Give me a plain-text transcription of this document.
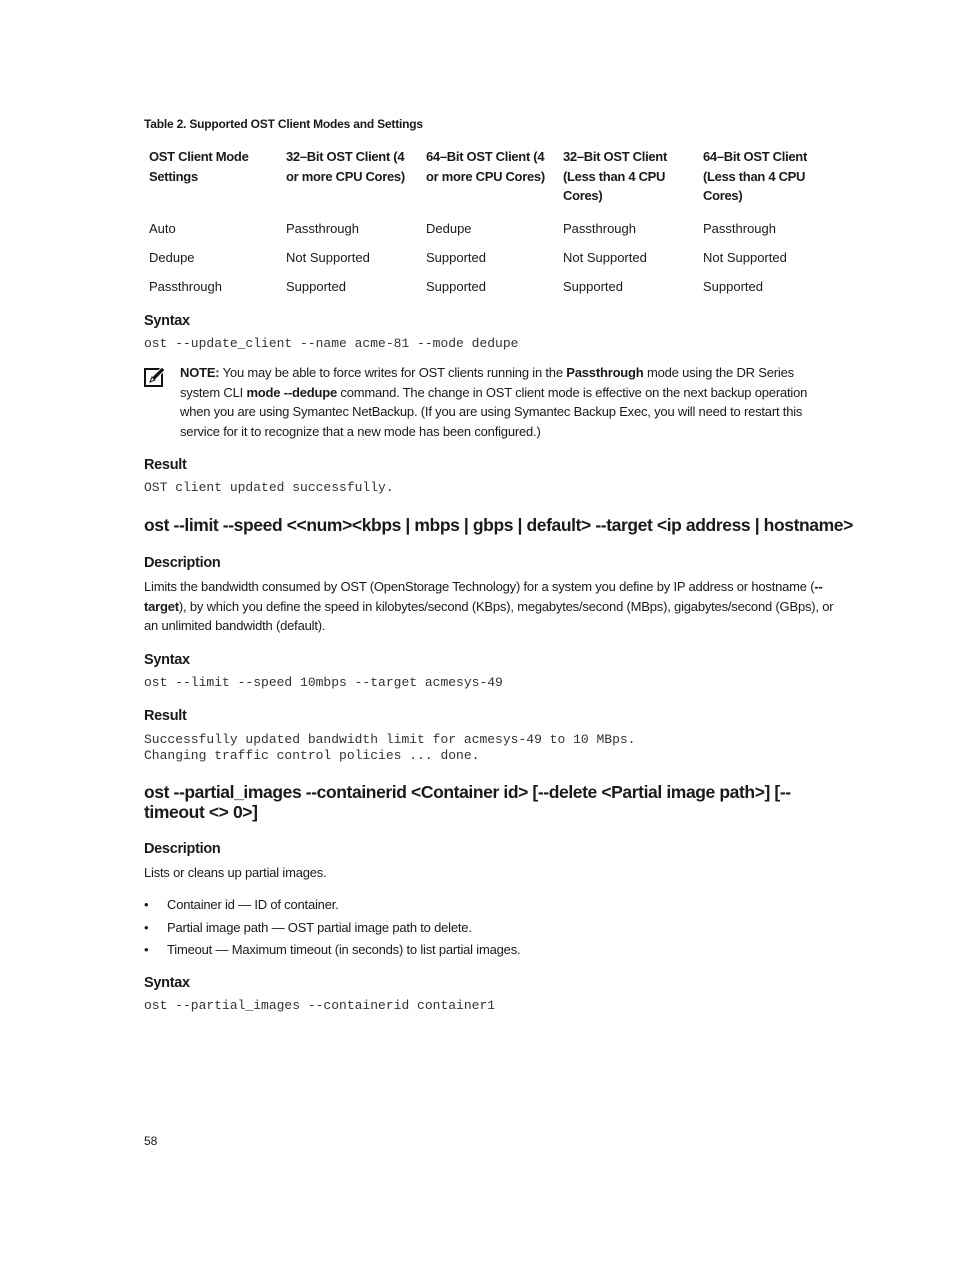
Table 2. Supported OST Client Modes and Settings
OST Client Mode Settings	32–Bit OST Client (4 or more CPU Cores)	64–Bit OST Client (4 or more CPU Cores)	32–Bit OST Client (Less than 4 CPU Cores)	64–Bit OST Client (Less than 4 CPU Cores)
Auto	Passthrough	Dedupe	Passthrough	Passthrough
Dedupe	Not Supported	Supported	Not Supported	Not Supported
Passthrough	Supported	Supported	Supported	Supported
Syntax
ost --update_client --name acme-81 --mode dedupe
NOTE: You may be able to force writes for OST clients running in the Passthrough mode using the DR Series system CLI mode --dedupe command. The change in OST client mode is effective on the next backup operation when you are using Symantec NetBackup. (If you are using Symantec Backup Exec, you will need to restart this service for it to recognize that a new mode has been configured.)
Result
OST client updated successfully.
ost --limit --speed <<num><kbps | mbps | gbps | default> --target <ip address | hostname>
Description
Limits the bandwidth consumed by OST (OpenStorage Technology) for a system you define by IP address or hostname (--target), by which you define the speed in kilobytes/second (KBps), megabytes/second (MBps), gigabytes/second (GBps), or an unlimited bandwidth (default).
Syntax
ost --limit --speed 10mbps --target acmesys-49
Result
Successfully updated bandwidth limit for acmesys-49 to 10 MBps.
Changing traffic control policies ... done.
ost --partial_images --containerid <Container id> [--delete <Partial image path>] [--
timeout <> 0>]
Description
Lists or cleans up partial images.
• Container id — ID of container.
• Partial image path — OST partial image path to delete.
• Timeout — Maximum timeout (in seconds) to list partial images.
Syntax
ost --partial_images --containerid container1
58
